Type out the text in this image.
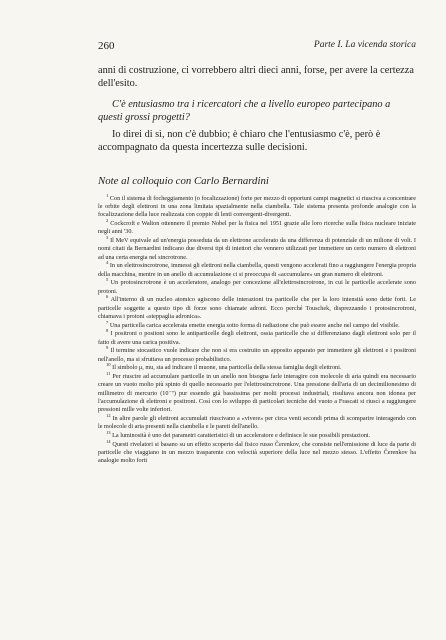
260	Parte I. La vicenda storica

anni di costruzione, ci vorrebbero altri dieci anni, forse, per avere la certezza dell'esito.

C'è entusiasmo tra i ricercatori che a livello europeo partecipano a questi grossi progetti?

Io direi di sì, non c'è dubbio; è chiaro che l'entusiasmo c'è, però è accompagnato da questa incertezza sulle decisioni.

Note al colloquio con Carlo Bernardini

$^1$ Con il sistema di focheggiamento (o focalizzazione) forte per mezzo di opportuni campi magnetici si riusciva a concentrare le orbite degli elettroni in una zona limitata spazialmente nella ciambella. Tale sistema presenta profonde analogie con la focalizzazione della luce realizzata con coppie di lenti convergenti-divergenti.

$^2$ Cockcroft e Walton ottennero il premio Nobel per la fisica nel 1951 grazie alle loro ricerche sulla fisica nucleare iniziate negli anni '30.

$^3$ Il MeV equivale ad un'energia posseduta da un elettrone accelerato da una differenza di potenziale di un milione di volt. I nomi citati da Bernardini indicano due diversi tipi di iniettori che vennero utilizzati per immettere un certo numero di elettroni ad una certa energia nel sincrotrone.

$^4$ In un elettrosincrotrone, immessi gli elettroni nella ciambella, questi vengono accelerati fino a raggiungere l'energia propria della macchina, mentre in un anello di accumulazione ci si preoccupa di «accumulare» un gran numero di elettroni.

$^5$ Un protosincrotrone è un acceleratore, analogo per concezione all'elettrosincrotrone, in cui le particelle accelerate sono protoni.

$^6$ All'interno di un nucleo atomico agiscono delle interazioni tra particelle che per la loro intensità sono dette forti. Le particelle soggette a questo tipo di forze sono chiamate adroni. Ecco perché Touschek, disprezzando i protosincrotroni, chiamava i protoni «steppaglia adronica».

$^7$ Una particella carica accelerata emette energia sotto forma di radiazione che può essere anche nel campo del visibile.

$^8$ I positroni o positoni sono le antiparticelle degli elettroni, ossia particelle che si differenziano dagli elettroni solo per il fatto di avere una carica positiva.

$^9$ Il termine stocastico vuole indicare che non si era costruito un apposito apparato per immettere gli elettroni e i positroni nell'anello, ma si sfruttava un processo probabilistico.

$^{10}$ Il simbolo μ, mu, sta ad indicare il muone, una particella della stessa famiglia degli elettroni.

$^{11}$ Per riuscire ad accumulare particelle in un anello non bisogna farle interagire con molecole di aria quindi era necessario creare un vuoto molto più spinto di quello necessario per l'elettrosincrotrone. Una pressione dell'aria di un decimilionesimo di millimetro di mercurio (10⁻⁷) pur essendo già bassissima per molti processi industriali, risultava ancora non idonea per l'accumulazione di elettroni e positroni. Così con lo sviluppo di particolari tecniche del vuoto a Frascati si riuscì a raggiungere pressioni mille volte inferiori.

$^{12}$ In altre parole gli elettroni accumulati riuscivano a «vivere» per circa venti secondi prima di scomparire interagendo con le molecole di aria presenti nella ciambella e le pareti dell'anello.

$^{13}$ La luminosità è uno dei parametri caratteristici di un acceleratore e definisce le sue possibili prestazioni.

$^{14}$ Questi rivelatori si basano su un effetto scoperto dal fisico russo Čerenkov, che consiste nell'emissione di luce da parte di particelle che viaggiano in un mezzo trasparente con velocità superiore della luce nel mezzo stesso. L'effetto Čerenkov ha analogie molto forti
